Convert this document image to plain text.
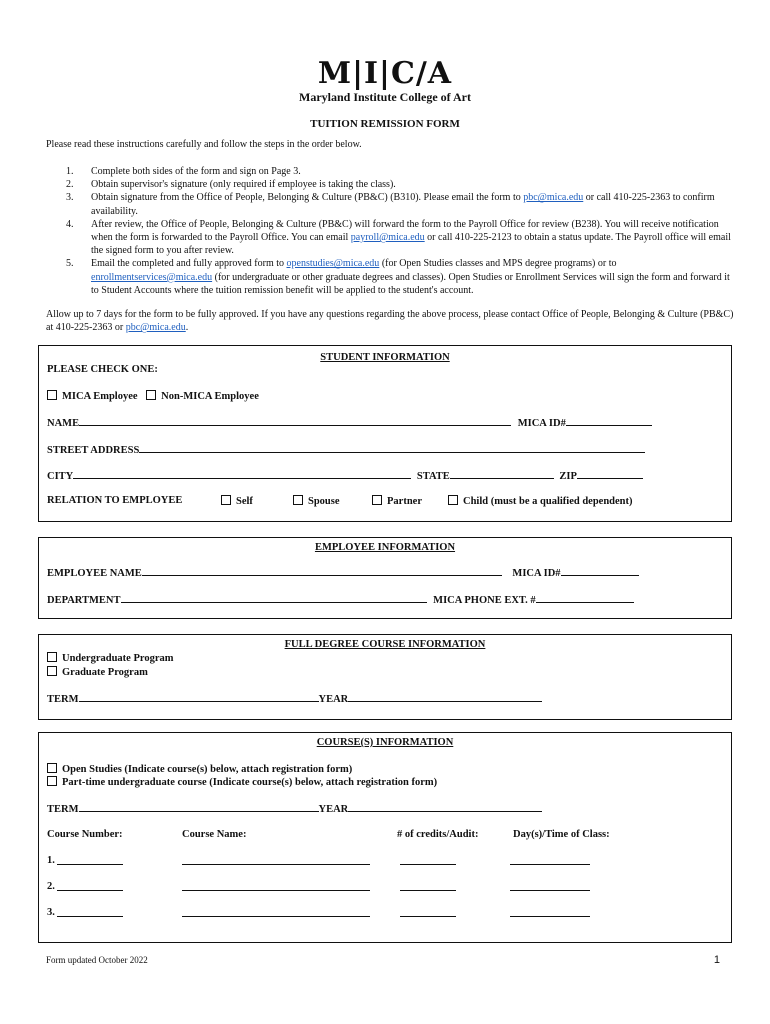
M|I|C/A
Maryland Institute College of Art
TUITION REMISSION FORM
Please read these instructions carefully and follow the steps in the order below.
1. Complete both sides of the form and sign on Page 3.
2. Obtain supervisor's signature (only required if employee is taking the class).
3. Obtain signature from the Office of People, Belonging & Culture (PB&C) (B310). Please email the form to pbc@mica.edu or call 410-225-2363 to confirm availability.
4. After review, the Office of People, Belonging & Culture (PB&C) will forward the form to the Payroll Office for review (B238). You will receive notification when the form is forwarded to the Payroll Office. You can email payroll@mica.edu or call 410-225-2123 to obtain a status update. The Payroll office will email the signed form to you after review.
5. Email the completed and fully approved form to openstudies@mica.edu (for Open Studies classes and MPS degree programs) or to enrollmentservices@mica.edu (for undergraduate or other graduate degrees and classes). Open Studies or Enrollment Services will sign the form and forward it to Student Accounts where the tuition remission benefit will be applied to the student's account.
Allow up to 7 days for the form to be fully approved. If you have any questions regarding the above process, please contact Office of People, Belonging & Culture (PB&C) at 410-225-2363 or pbc@mica.edu.
STUDENT INFORMATION
PLEASE CHECK ONE:
MICA Employee Non-MICA Employee
NAME	MICA ID#
STREET ADDRESS
CITY	STATE	ZIP
RELATION TO EMPLOYEE	Self	Spouse	Partner	Child (must be a qualified dependent)
EMPLOYEE INFORMATION
EMPLOYEE NAME	MICA ID#
DEPARTMENT	MICA PHONE EXT. #
FULL DEGREE COURSE INFORMATION
Undergraduate Program
Graduate Program
TERM	YEAR
COURSE(S) INFORMATION
Open Studies (Indicate course(s) below, attach registration form)
Part-time undergraduate course (Indicate course(s) below, attach registration form)
TERM	YEAR
Course Number:	Course Name:	# of credits/Audit:	Day(s)/Time of Class:
1.
2.
3.
Form updated October 2022	1
